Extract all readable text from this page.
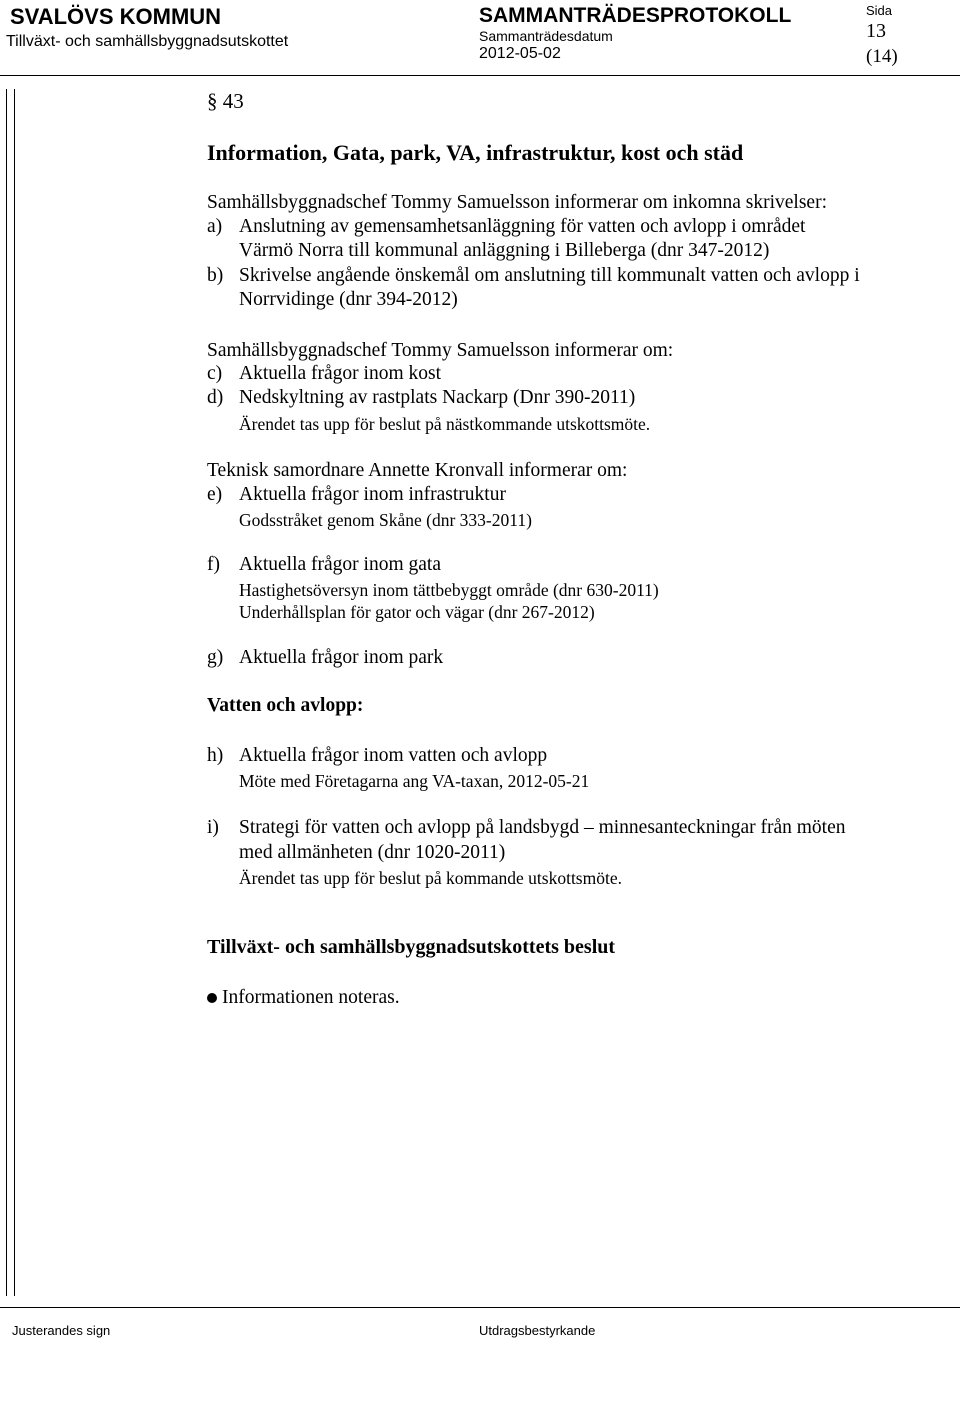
SVALÖVS KOMMUN
Tillväxt- och samhällsbyggnadsutskottet
SAMMANTRÄDESPROTOKOLL
Sammanträdesdatum
2012-05-02
Sida
13
(14)
§ 43
Information, Gata, park, VA, infrastruktur, kost och städ
Samhällsbyggnadschef Tommy Samuelsson informerar om inkomna skrivelser:
a) Anslutning av gemensamhetsanläggning för vatten och avlopp i området
Värmö Norra till kommunal anläggning i Billeberga (dnr 347-2012)
b) Skrivelse angående önskemål om anslutning till kommunalt vatten och avlopp i
Norrvidinge (dnr 394-2012)
Samhällsbyggnadschef Tommy Samuelsson informerar om:
c) Aktuella frågor inom kost
d) Nedskyltning av rastplats Nackarp (Dnr 390-2011)
Ärendet tas upp för beslut på nästkommande utskottsmöte.
Teknisk samordnare Annette Kronvall informerar om:
e) Aktuella frågor inom infrastruktur
Godsstråket genom Skåne (dnr 333-2011)
f) Aktuella frågor inom gata
Hastighetsöversyn inom tättbebyggt område (dnr 630-2011)
Underhållsplan för gator och vägar (dnr 267-2012)
g) Aktuella frågor inom park
Vatten och avlopp:
h) Aktuella frågor inom vatten och avlopp
Möte med Företagarna ang VA-taxan, 2012-05-21
i) Strategi för vatten och avlopp på landsbygd – minnesanteckningar från möten
med allmänheten (dnr 1020-2011)
Ärendet tas upp för beslut på kommande utskottsmöte.
Tillväxt- och samhällsbyggnadsutskottets beslut
Informationen noteras.
Justerandes sign	Utdragsbestyrkande
